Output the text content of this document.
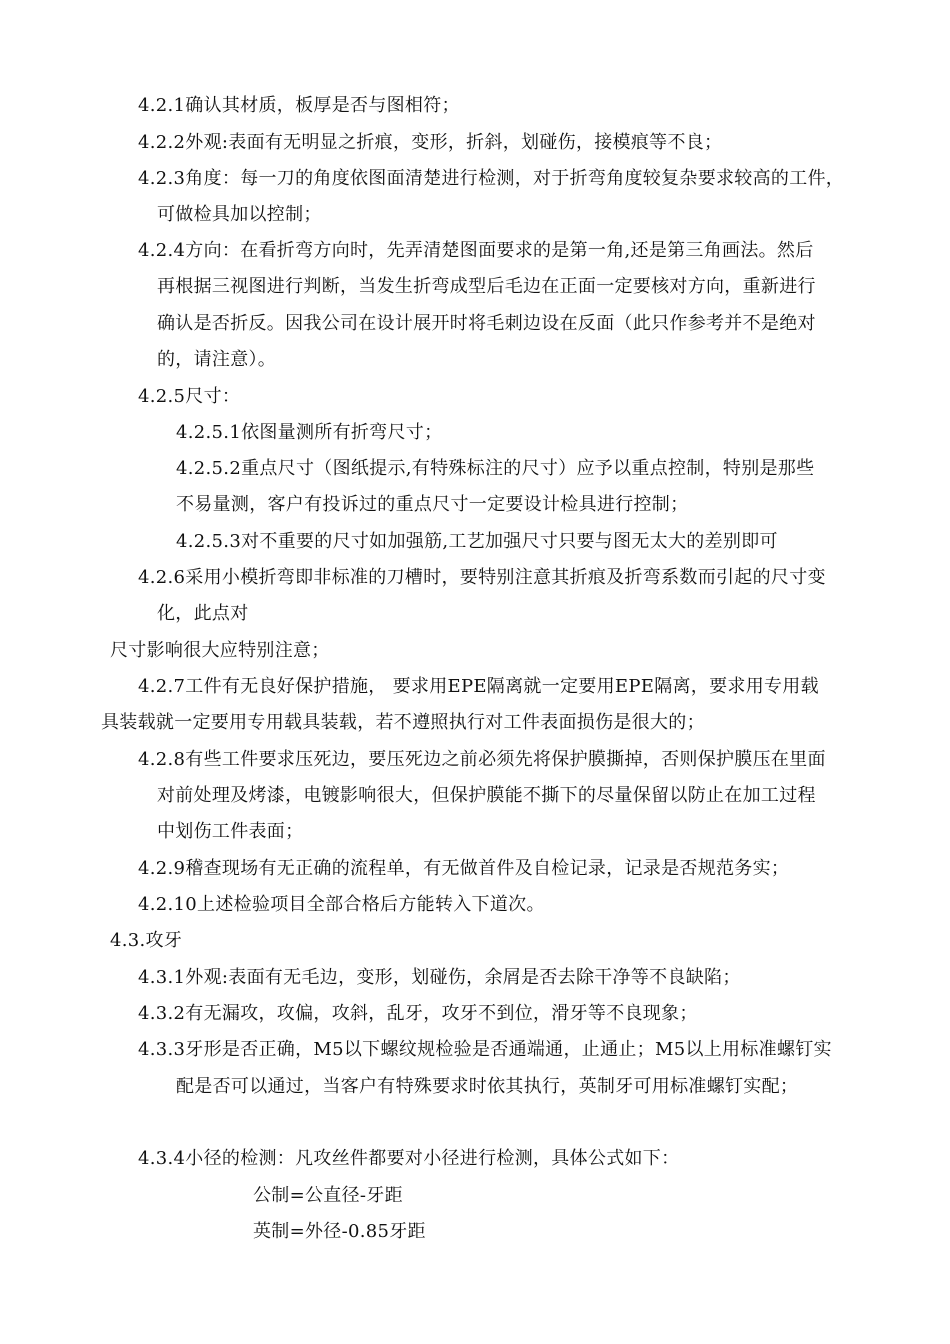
4.2.1确认其材质，板厚是否与图相符；
4.2.2外观:表面有无明显之折痕，变形，折斜，划碰伤，接模痕等不良；
4.2.3角度：每一刀的角度依图面清楚进行检测，对于折弯角度较复杂要求较高的工件，
可做检具加以控制；
4.2.4方向：在看折弯方向时，先弄清楚图面要求的是第一角,还是第三角画法。然后
再根据三视图进行判断，当发生折弯成型后毛边在正面一定要核对方向，重新进行
确认是否折反。因我公司在设计展开时将毛刺边设在反面（此只作参考并不是绝对
的，请注意）。
4.2.5尺寸：
4.2.5.1依图量测所有折弯尺寸；
4.2.5.2重点尺寸（图纸提示,有特殊标注的尺寸）应予以重点控制，特别是那些
不易量测，客户有投诉过的重点尺寸一定要设计检具进行控制；
4.2.5.3对不重要的尺寸如加强筋,工艺加强尺寸只要与图无太大的差别即可
4.2.6采用小模折弯即非标准的刀槽时，要特别注意其折痕及折弯系数而引起的尺寸变
化，此点对
尺寸影响很大应特别注意；
4.2.7工件有无良好保护措施， 要求用EPE隔离就一定要用EPE隔离，要求用专用载
具装载就一定要用专用载具装载，若不遵照执行对工件表面损伤是很大的；
4.2.8有些工件要求压死边，要压死边之前必须先将保护膜撕掉，否则保护膜压在里面
对前处理及烤漆，电镀影响很大，但保护膜能不撕下的尽量保留以防止在加工过程
中划伤工件表面；
4.2.9稽查现场有无正确的流程单，有无做首件及自检记录，记录是否规范务实；
4.2.10上述检验项目全部合格后方能转入下道次。
4.3.攻牙
4.3.1外观:表面有无毛边，变形，划碰伤，余屑是否去除干净等不良缺陷；
4.3.2有无漏攻，攻偏，攻斜，乱牙，攻牙不到位，滑牙等不良现象；
4.3.3牙形是否正确，M5以下螺纹规检验是否通端通，止通止；M5以上用标准螺钉实
配是否可以通过，当客户有特殊要求时依其执行，英制牙可用标准螺钉实配；
4.3.4小径的检测：凡攻丝件都要对小径进行检测，具体公式如下：
公制=公直径-牙距
英制=外径-0.85牙距
